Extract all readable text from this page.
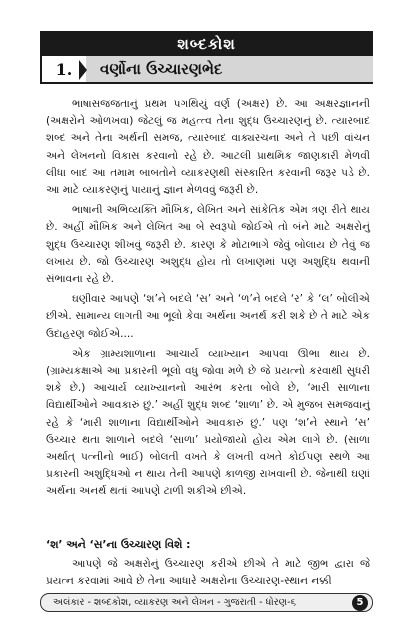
શબ્દકોશ
1.	વર્ણોના ઉચ્ચારણભેદ

ભાષાસજજતાનું પ્રથમ પગથિયું વર્ણ (અક્ષર) છે. આ અક્ષરજ્ઞાનની (અક્ષરોને ઓળખવા) જેટલું જ મહત્ત્વ તેના શુદ્ધ ઉચ્ચારણનું છે. ત્યારબાદ શબ્દ અને તેના અર્થની સમજ, ત્યારબાદ વાક્યરચના અને તે પછી વાંચન અને લેખનનો વિકાસ કરવાનો રહે છે. આટલી પ્રાથમિક જાણકારી મેળવી લીધા બાદ આ તમામ બાબતોને વ્યાકરણથી સંસ્કારિત કરવાની જરૂર પડે છે. આ માટે વ્યાકરણનું પાયાનું જ્ઞાન મેળવવું જરૂરી છે.

ભાષાની અભિવ્યક્તિ મૌખિક, લેખિત અને સાંકેતિક એમ ત્રણ રીતે થાય છે. અહીં મૌખિક અને લેખિત આ બે સ્વરૂપો જોઈએ તો બંને માટે અક્ષરોનું શુદ્ધ ઉચ્ચારણ શીખવું જરૂરી છે. કારણ કે મોટાભાગે જેવું બોલાય છે તેવું જ લખાય છે. જો ઉચ્ચારણ અશુદ્ધ હોય તો લખાણમાં પણ અશુદ્ધિ થવાની સંભાવના રહે છે.

ઘણીવાર આપણે ‘શ’ને બદલે ‘સ’ અને ‘ળ’ને બદલે ‘ર’ કે ‘લ’ બોલીએ છીએ. સામાન્ય લાગતી આ ભૂલો કેવા અર્થના અનર્થ કરી શકે છે તે માટે એક ઉદાહરણ જોઈએ....

એક ગ્રામ્યશાળાના આચાર્ય વ્યાખ્યાન આપવા ઊભા થાય છે. (ગ્રામ્યકક્ષાએ આ પ્રકારની ભૂલો વધુ જોવા મળે છે જે પ્રયત્નો કરવાથી સુધરી શકે છે.) આચાર્ય વ્યાખ્યાનનો આરંભ કરતા બોલે છે, ‘મારી સાળાના વિદ્યાર્થીઓને આવકારું છું.’ અહીં શુદ્ધ શબ્દ ‘શાળા’ છે. એ મુજબ સમજવાનું રહે કે ‘મારી શાળાના વિદ્યાર્થીઓને આવકારું છું.’ પણ ‘શ’ને સ્થાને ‘સ’ ઉચ્ચાર થતા શાળાને બદલે ‘સાળા’ પ્રયોજાયો હોય એમ લાગે છે. (સાળા અર્થાત્ પત્નીનો ભાઈ) બોલતી વખતે કે લખતી વખતે કોઈપણ સ્થળે આ પ્રકારની અશુદ્ધિઓ ન થાય તેની આપણે કાળજી રાખવાની છે. જેનાથી ઘણાં અર્થના અનર્થ થતાં આપણે ટાળી શકીએ છીએ.

‘શ’ અને ‘સ’ના ઉચ્ચારણ વિશે :
આપણે જે અક્ષરોનું ઉચ્ચારણ કરીએ છીએ તે માટે જીભ દ્વારા જે પ્રયત્ન કરવામાં આવે છે તેના આધારે અક્ષરોના ઉચ્ચારણ-સ્થાન નક્કી
અલંકાર - શબ્દકોશ, વ્યાકરણ અને લેખન - ગુજરાતી - ધોરણ-૬	5
